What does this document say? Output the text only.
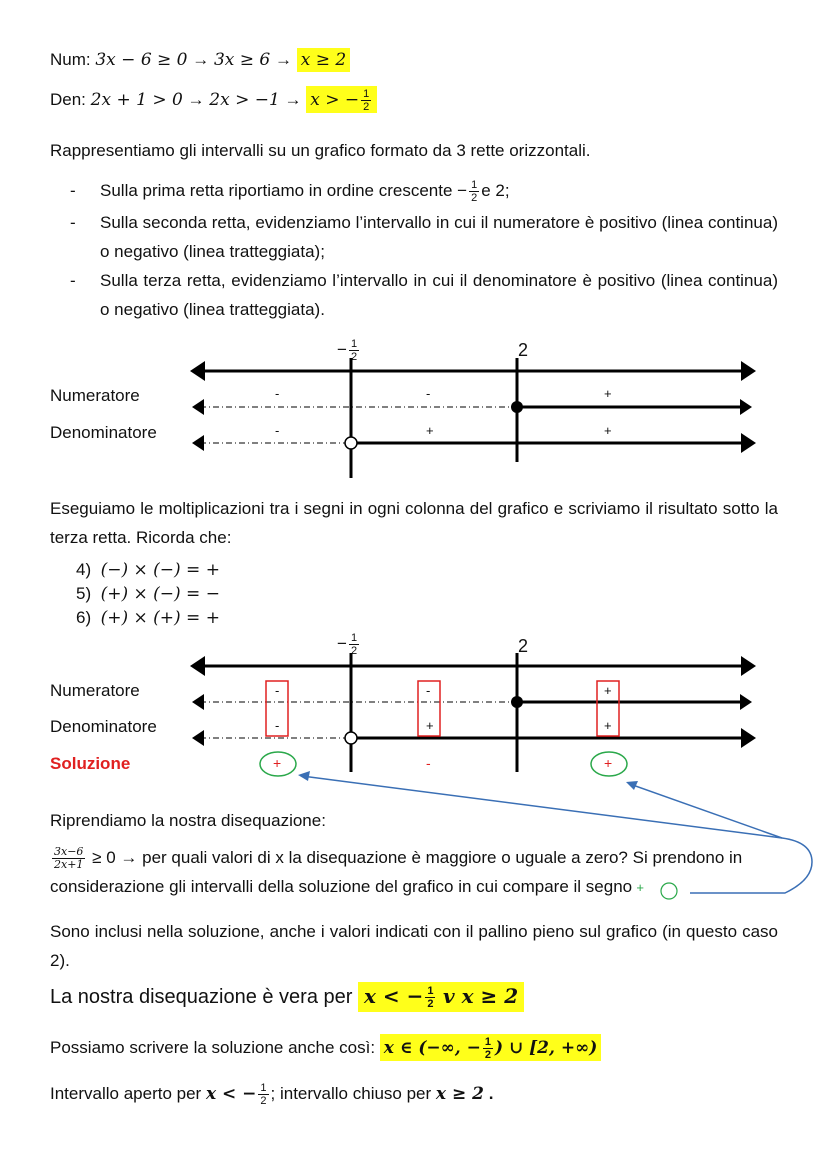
Num: 3x − 6 ≥ 0 → 3x ≥ 6 → x ≥ 2
Den: 2x + 1 > 0 → 2x > −1 → x > − $\frac{1}{2}$
Rappresentiamo gli intervalli su un grafico formato da 3 rette orizzontali.
- Sulla prima retta riportiamo in ordine crescente − $\frac{1}{2}$ e 2;
- Sulla seconda retta, evidenziamo l’intervallo in cui il numeratore è positivo (linea continua) o negativo (linea tratteggiata);
- Sulla terza retta, evidenziamo l’intervallo in cui il denominatore è positivo (linea continua) o negativo (linea tratteggiata).
Numeratore
Denominatore
− $\frac{1}{2}$	2
-	-	+
-	+	+
Eseguiamo le moltiplicazioni tra i segni in ogni colonna del grafico e scriviamo il risultato sotto la terza retta. Ricorda che:
4) (−) × (−) = +
5) (+) × (−) = −
6) (+) × (+) = +
Numeratore
Denominatore
Soluzione
− $\frac{1}{2}$	2
-	-	+
-	+	+
+	-	+
Riprendiamo la nostra disequazione:
$\frac{3x-6}{2x+1} \ge 0$ → per quali valori di x la disequazione è maggiore o uguale a zero? Si prendono in
considerazione gli intervalli della soluzione del grafico in cui compare il segno +
Sono inclusi nella soluzione, anche i valori indicati con il pallino pieno sul grafico (in questo caso 2).
La nostra disequazione è vera per x < − $\frac{1}{2}$ v x ≥ 2
Possiamo scrivere la soluzione anche così: x ∈ (−∞, − $\frac{1}{2}$ ) ∪ [2, +∞)
Intervallo aperto per x < − $\frac{1}{2}$ ; intervallo chiuso per x ≥ 2 .
